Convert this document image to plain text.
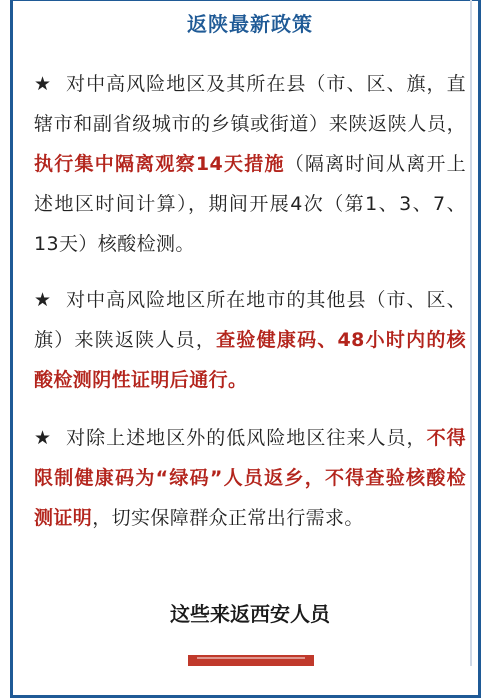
返陕最新政策

★ 对中高风险地区及其所在县（市、区、旗，直辖市和副省级城市的乡镇或街道）来陕返陕人员，执行集中隔离观察14天措施（隔离时间从离开上述地区时间计算），期间开展4次（第1、3、7、13天）核酸检测。

★ 对中高风险地区所在地市的其他县（市、区、旗）来陕返陕人员，查验健康码、48小时内的核酸检测阴性证明后通行。

★ 对除上述地区外的低风险地区往来人员，不得限制健康码为“绿码”人员返乡，不得查验核酸检测证明，切实保障群众正常出行需求。

这些来返西安人员
